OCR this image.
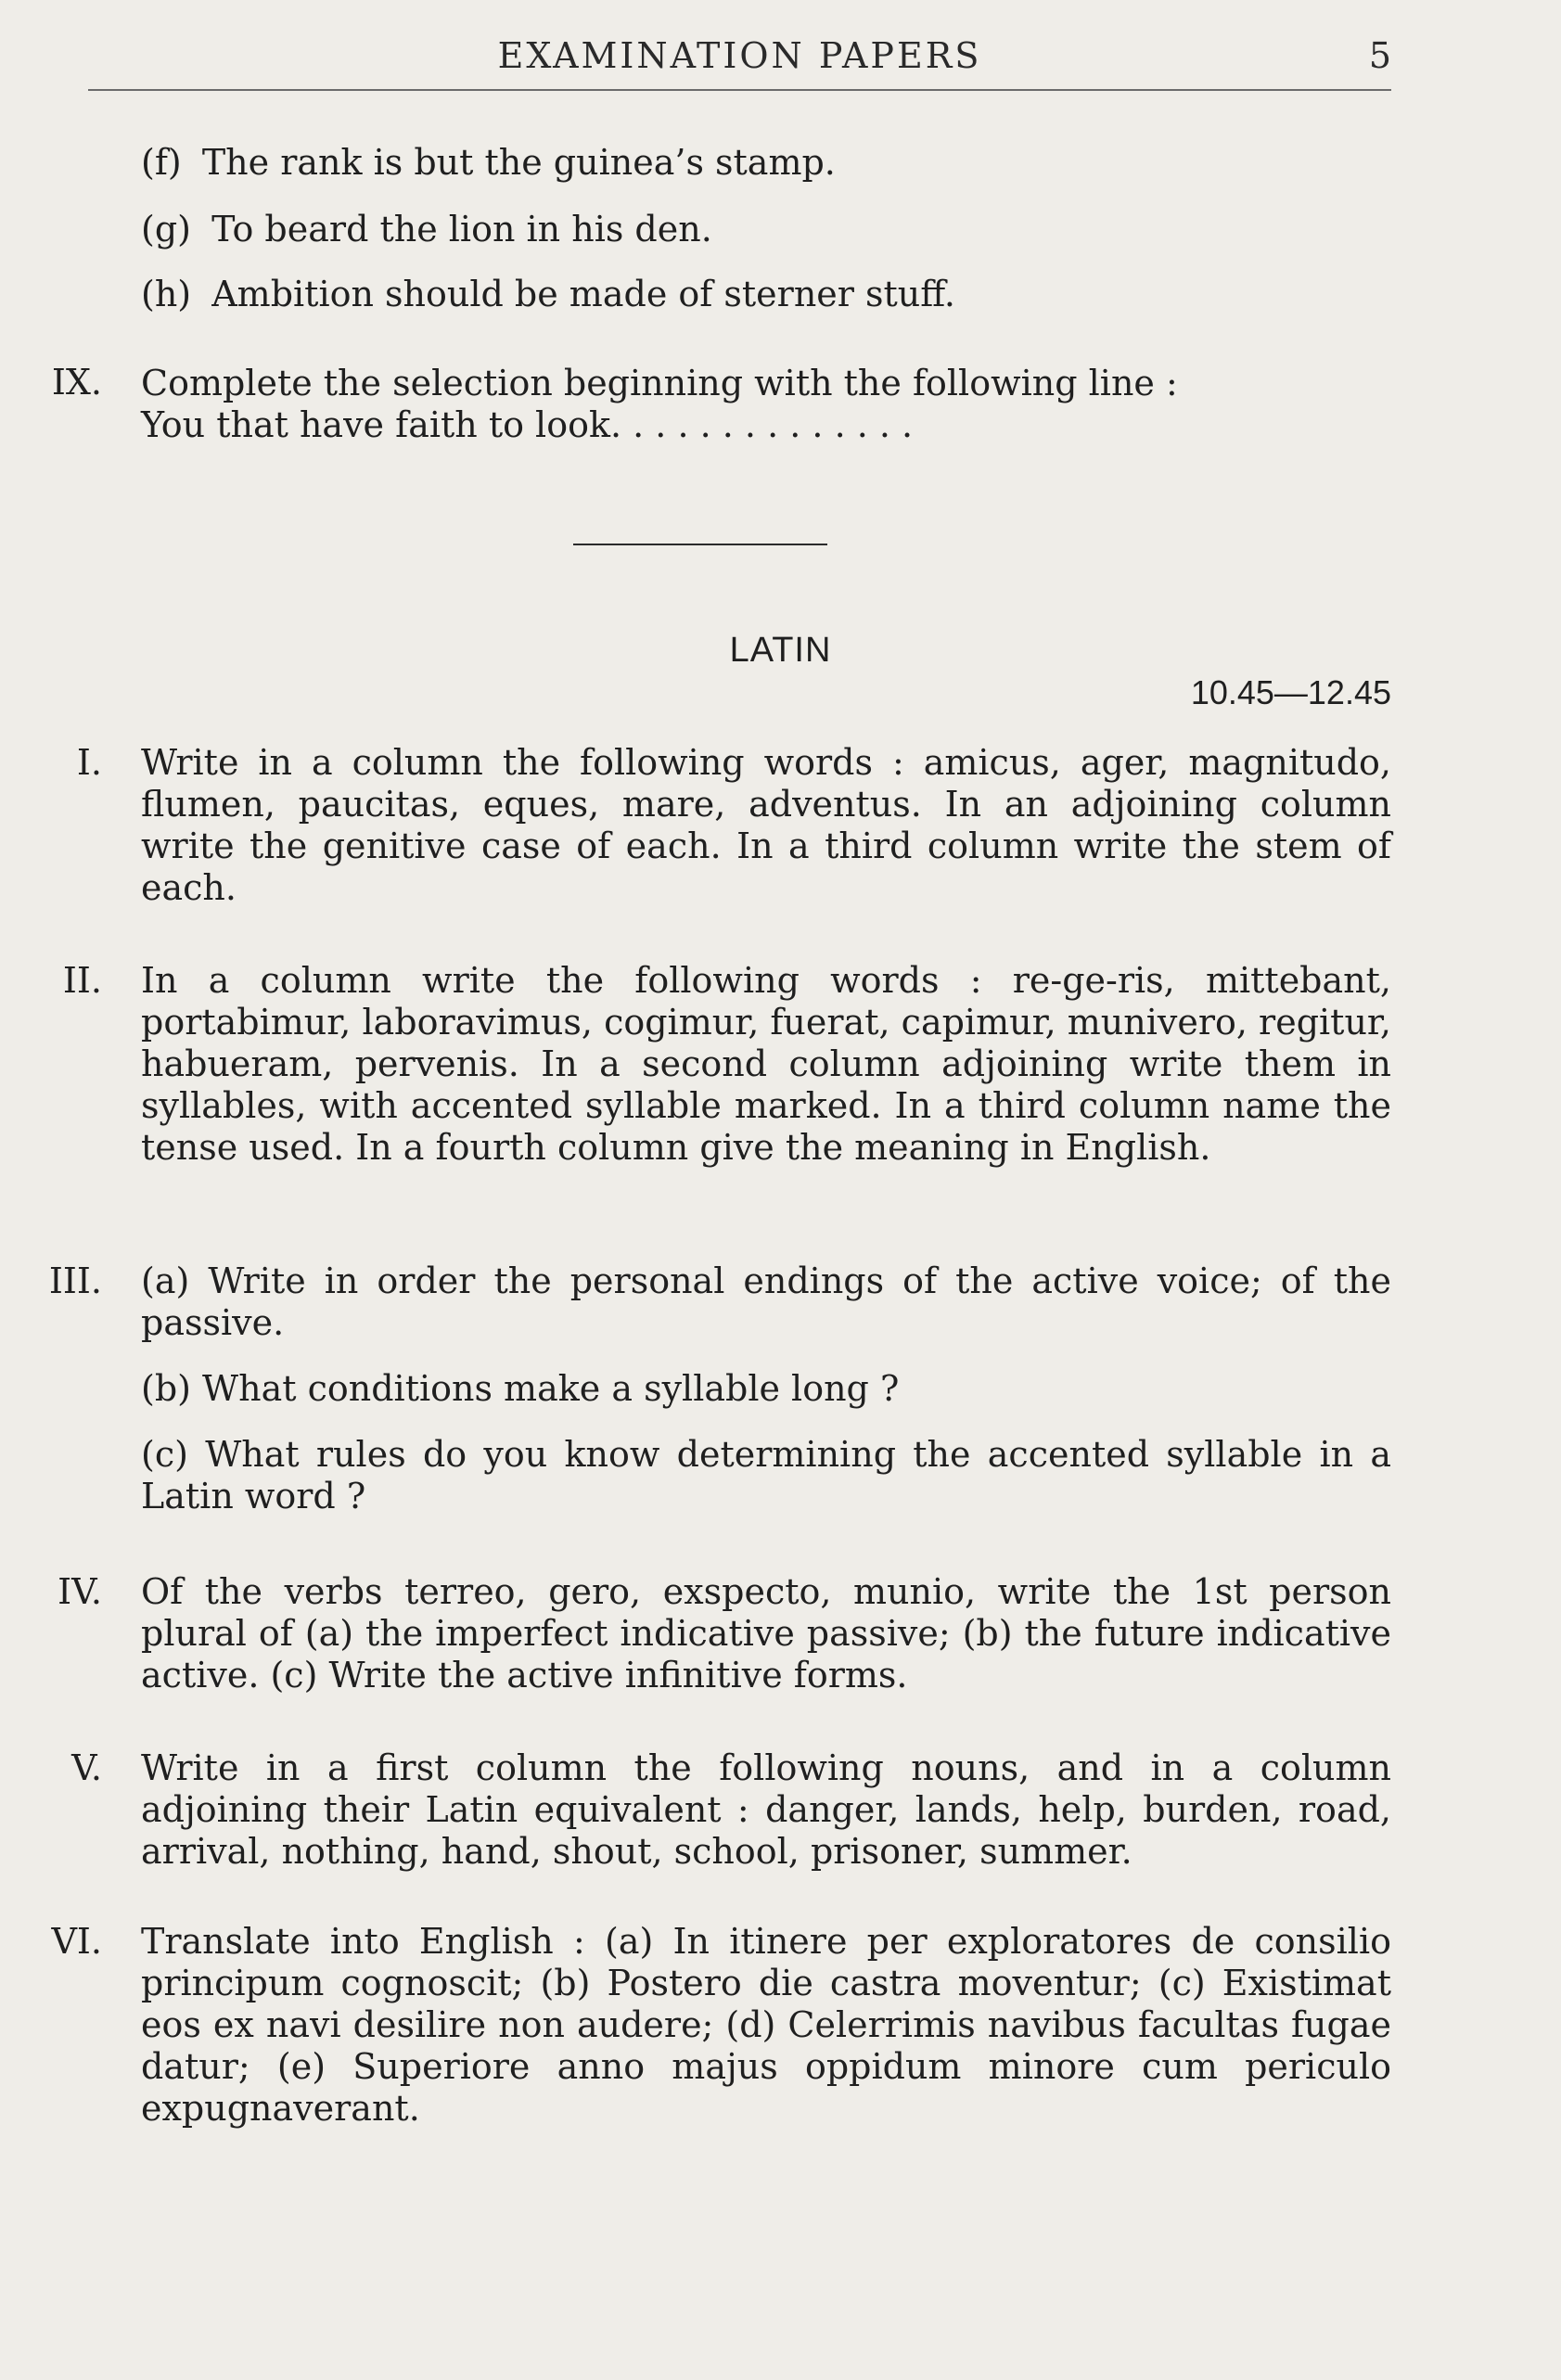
EXAMINATION PAPERS	5
(f) The rank is but the guinea’s stamp.
(g) To beard the lion in his den.
(h) Ambition should be made of sterner stuff.
IX. Complete the selection beginning with the following line :
You that have faith to look. . . . . . . . . . . . . .
LATIN
10.45—12.45
I. Write in a column the following words : amicus, ager, magnitudo, flumen, paucitas, eques, mare, adventus. In an adjoining column write the genitive case of each. In a third column write the stem of each.

II. In a column write the following words : re-ge-ris, mittebant, portabimur, laboravimus, cogimur, fuerat, capimur, munivero, regitur, habueram, pervenis. In a second column adjoining write them in syllables, with accented syllable marked. In a third column name the tense used. In a fourth column give the meaning in English.

III. (a) Write in order the personal endings of the active voice; of the passive.

(b) What conditions make a syllable long ?

(c) What rules do you know determining the accented syllable in a Latin word ?

IV. Of the verbs terreo, gero, exspecto, munio, write the 1st person plural of (a) the imperfect indicative passive; (b) the future indicative active. (c) Write the active infinitive forms.

V. Write in a first column the following nouns, and in a column adjoining their Latin equivalent : danger, lands, help, burden, road, arrival, nothing, hand, shout, school, prisoner, summer.

VI. Translate into English : (a) In itinere per exploratores de consilio principum cognoscit; (b) Postero die castra moventur; (c) Existimat eos ex navi desilire non audere; (d) Celerrimis navibus facultas fugae datur; (e) Superiore anno majus oppidum minore cum periculo expugnaverant.
